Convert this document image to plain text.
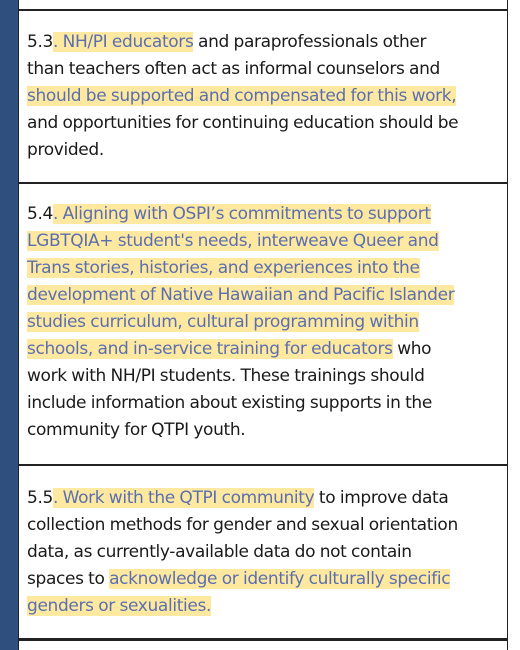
5.3. NH/PI educators and paraprofessionals other
than teachers often act as informal counselors and
should be supported and compensated for this work,
and opportunities for continuing education should be
provided.

5.4. Aligning with OSPI’s commitments to support
LGBTQIA+ student's needs, interweave Queer and
Trans stories, histories, and experiences into the
development of Native Hawaiian and Pacific Islander
studies curriculum, cultural programming within
schools, and in-service training for educators who
work with NH/PI students. These trainings should
include information about existing supports in the
community for QTPI youth.

5.5. Work with the QTPI community to improve data
collection methods for gender and sexual orientation
data, as currently-available data do not contain
spaces to acknowledge or identify culturally specific
genders or sexualities.
